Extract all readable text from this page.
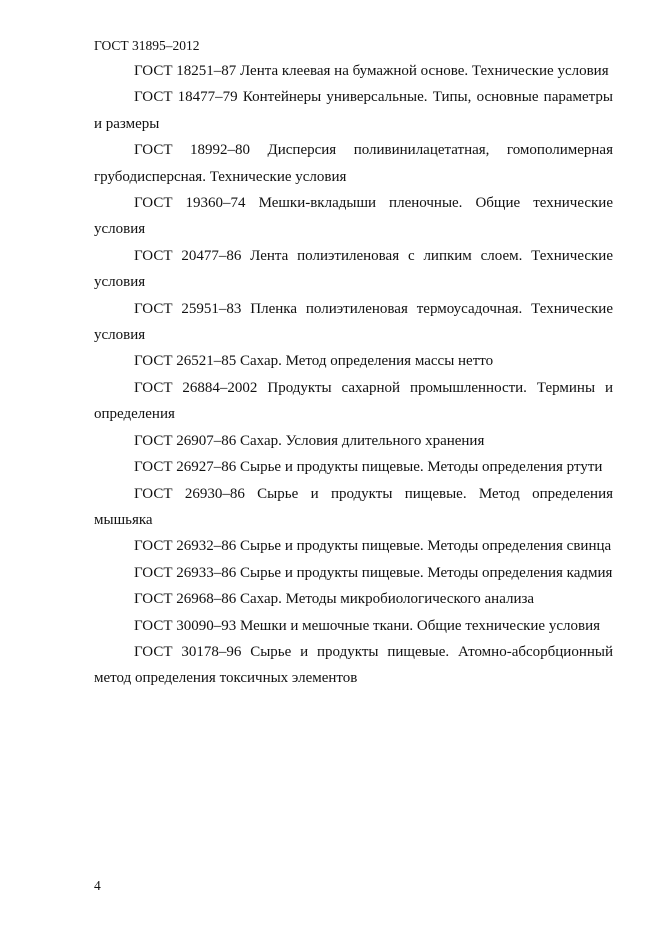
ГОСТ 31895–2012

ГОСТ 18251–87 Лента клеевая на бумажной основе. Технические условия

ГОСТ 18477–79 Контейнеры универсальные. Типы, основные параметры и размеры

ГОСТ 18992–80 Дисперсия поливинилацетатная, гомополимерная грубодисперсная. Технические условия

ГОСТ 19360–74 Мешки-вкладыши пленочные. Общие технические условия

ГОСТ 20477–86 Лента полиэтиленовая с липким слоем. Технические условия

ГОСТ 25951–83 Пленка полиэтиленовая термоусадочная. Технические условия

ГОСТ 26521–85 Сахар. Метод определения массы нетто

ГОСТ 26884–2002 Продукты сахарной промышленности. Термины и определения

ГОСТ 26907–86 Сахар. Условия длительного хранения

ГОСТ 26927–86 Сырье и продукты пищевые. Методы определения ртути

ГОСТ 26930–86 Сырье и продукты пищевые. Метод определения мышьяка

ГОСТ 26932–86 Сырье и продукты пищевые. Методы определения свинца

ГОСТ 26933–86 Сырье и продукты пищевые. Методы определения кадмия

ГОСТ 26968–86 Сахар. Методы микробиологического анализа

ГОСТ 30090–93 Мешки и мешочные ткани. Общие технические условия

ГОСТ 30178–96 Сырье и продукты пищевые. Атомно-абсорбционный метод определения токсичных элементов

4
